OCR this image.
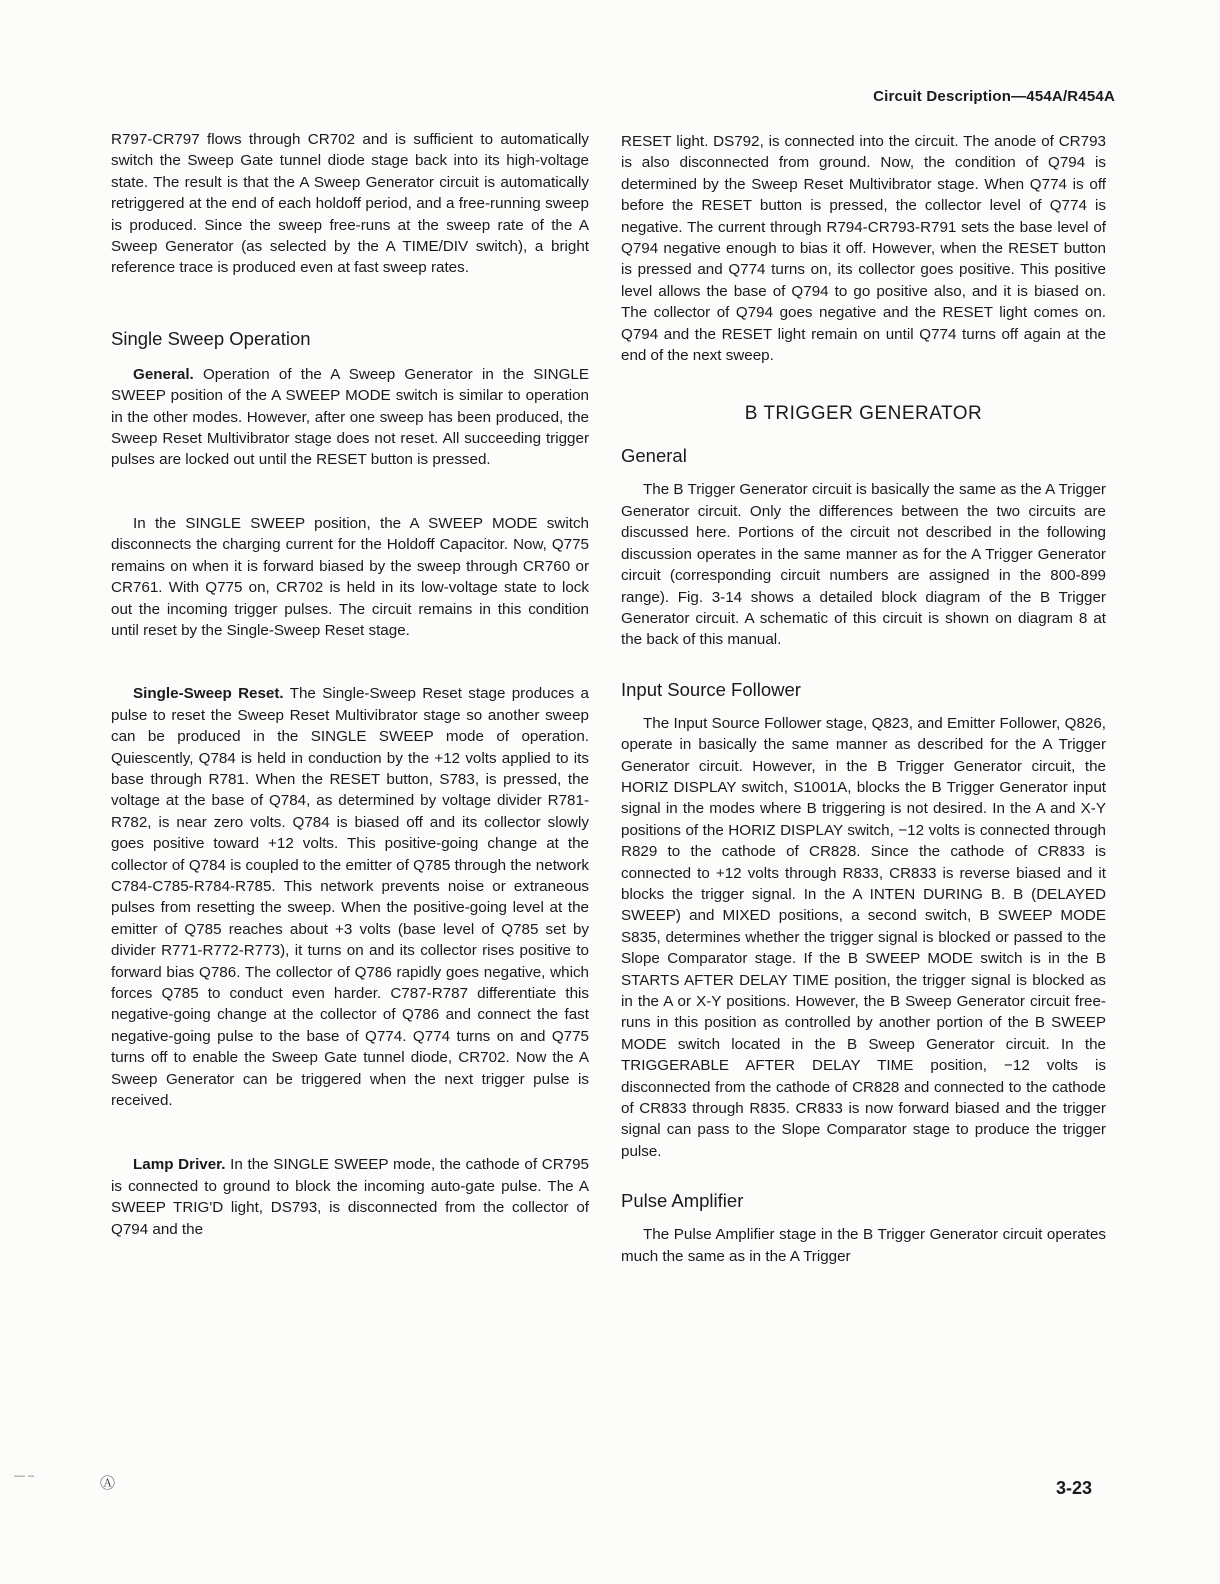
Circuit Description—454A/R454A

R797-CR797 flows through CR702 and is sufficient to automatically switch the Sweep Gate tunnel diode stage back into its high-voltage state. The result is that the A Sweep Generator circuit is automatically retriggered at the end of each holdoff period, and a free-running sweep is produced. Since the sweep free-runs at the sweep rate of the A Sweep Generator (as selected by the A TIME/DIV switch), a bright reference trace is produced even at fast sweep rates.

Single Sweep Operation

General. Operation of the A Sweep Generator in the SINGLE SWEEP position of the A SWEEP MODE switch is similar to operation in the other modes. However, after one sweep has been produced, the Sweep Reset Multivibrator stage does not reset. All succeeding trigger pulses are locked out until the RESET button is pressed.

In the SINGLE SWEEP position, the A SWEEP MODE switch disconnects the charging current for the Holdoff Capacitor. Now, Q775 remains on when it is forward biased by the sweep through CR760 or CR761. With Q775 on, CR702 is held in its low-voltage state to lock out the incoming trigger pulses. The circuit remains in this condition until reset by the Single-Sweep Reset stage.

Single-Sweep Reset. The Single-Sweep Reset stage produces a pulse to reset the Sweep Reset Multivibrator stage so another sweep can be produced in the SINGLE SWEEP mode of operation. Quiescently, Q784 is held in conduction by the +12 volts applied to its base through R781. When the RESET button, S783, is pressed, the voltage at the base of Q784, as determined by voltage divider R781-R782, is near zero volts. Q784 is biased off and its collector slowly goes positive toward +12 volts. This positive-going change at the collector of Q784 is coupled to the emitter of Q785 through the network C784-C785-R784-R785. This network prevents noise or extraneous pulses from resetting the sweep. When the positive-going level at the emitter of Q785 reaches about +3 volts (base level of Q785 set by divider R771-R772-R773), it turns on and its collector rises positive to forward bias Q786. The collector of Q786 rapidly goes negative, which forces Q785 to conduct even harder. C787-R787 differentiate this negative-going change at the collector of Q786 and connect the fast negative-going pulse to the base of Q774. Q774 turns on and Q775 turns off to enable the Sweep Gate tunnel diode, CR702. Now the A Sweep Generator can be triggered when the next trigger pulse is received.

Lamp Driver. In the SINGLE SWEEP mode, the cathode of CR795 is connected to ground to block the incoming auto-gate pulse. The A SWEEP TRIG'D light, DS793, is disconnected from the collector of Q794 and the

RESET light. DS792, is connected into the circuit. The anode of CR793 is also disconnected from ground. Now, the condition of Q794 is determined by the Sweep Reset Multivibrator stage. When Q774 is off before the RESET button is pressed, the collector level of Q774 is negative. The current through R794-CR793-R791 sets the base level of Q794 negative enough to bias it off. However, when the RESET button is pressed and Q774 turns on, its collector goes positive. This positive level allows the base of Q794 to go positive also, and it is biased on. The collector of Q794 goes negative and the RESET light comes on. Q794 and the RESET light remain on until Q774 turns off again at the end of the next sweep.

B TRIGGER GENERATOR
General

The B Trigger Generator circuit is basically the same as the A Trigger Generator circuit. Only the differences between the two circuits are discussed here. Portions of the circuit not described in the following discussion operates in the same manner as for the A Trigger Generator circuit (corresponding circuit numbers are assigned in the 800-899 range). Fig. 3-14 shows a detailed block diagram of the B Trigger Generator circuit. A schematic of this circuit is shown on diagram 8 at the back of this manual.

Input Source Follower

The Input Source Follower stage, Q823, and Emitter Follower, Q826, operate in basically the same manner as described for the A Trigger Generator circuit. However, in the B Trigger Generator circuit, the HORIZ DISPLAY switch, S1001A, blocks the B Trigger Generator input signal in the modes where B triggering is not desired. In the A and X-Y positions of the HORIZ DISPLAY switch, −12 volts is connected through R829 to the cathode of CR828. Since the cathode of CR833 is connected to +12 volts through R833, CR833 is reverse biased and it blocks the trigger signal. In the A INTEN DURING B. B (DELAYED SWEEP) and MIXED positions, a second switch, B SWEEP MODE S835, determines whether the trigger signal is blocked or passed to the Slope Comparator stage. If the B SWEEP MODE switch is in the B STARTS AFTER DELAY TIME position, the trigger signal is blocked as in the A or X-Y positions. However, the B Sweep Generator circuit free-runs in this position as controlled by another portion of the B SWEEP MODE switch located in the B Sweep Generator circuit. In the TRIGGERABLE AFTER DELAY TIME position, −12 volts is disconnected from the cathode of CR828 and connected to the cathode of CR833 through R835. CR833 is now forward biased and the trigger signal can pass to the Slope Comparator stage to produce the trigger pulse.

Pulse Amplifier

The Pulse Amplifier stage in the B Trigger Generator circuit operates much the same as in the A Trigger

— –	Ⓐ	3-23
